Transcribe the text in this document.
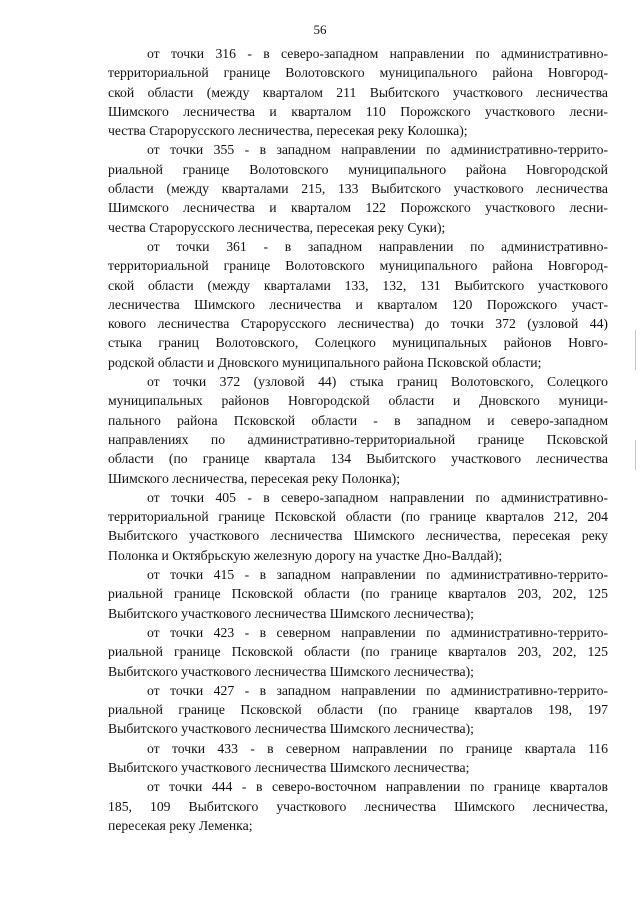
56
от точки 316 - в северо-западном направлении по административно-
территориальной границе Волотовского муниципального района Новгород-
ской области (между кварталом 211 Выбитского участкового лесничества
Шимского лесничества и кварталом 110 Порожского участкового лесни-
чества Старорусского лесничества, пересекая реку Колошка);
от точки 355 - в западном направлении по административно-террито-
риальной границе Волотовского муниципального района Новгородской
области (между кварталами 215, 133 Выбитского участкового лесничества
Шимского лесничества и кварталом 122 Порожского участкового лесни-
чества Старорусского лесничества, пересекая реку Суки);
от точки 361 - в западном направлении по административно-
территориальной границе Волотовского муниципального района Новгород-
ской области (между кварталами 133, 132, 131 Выбитского участкового
лесничества Шимского лесничества и кварталом 120 Порожского участ-
кового лесничества Старорусского лесничества) до точки 372 (узловой 44)
стыка границ Волотовского, Солецкого муниципальных районов Новго-
родской области и Дновского муниципального района Псковской области;
от точки 372 (узловой 44) стыка границ Волотовского, Солецкого
муниципальных районов Новгородской области и Дновского муници-
пального района Псковской области - в западном и северо-западном
направлениях по административно-территориальной границе Псковской
области (по границе квартала 134 Выбитского участкового лесничества
Шимского лесничества, пересекая реку Полонка);
от точки 405 - в северо-западном направлении по административно-
территориальной границе Псковской области (по границе кварталов 212, 204
Выбитского участкового лесничества Шимского лесничества, пересекая реку
Полонка и Октябрьскую железную дорогу на участке Дно-Валдай);
от точки 415 - в западном направлении по административно-террито-
риальной границе Псковской области (по границе кварталов 203, 202, 125
Выбитского участкового лесничества Шимского лесничества);
от точки 423 - в северном направлении по административно-террито-
риальной границе Псковской области (по границе кварталов 203, 202, 125
Выбитского участкового лесничества Шимского лесничества);
от точки 427 - в западном направлении по административно-террито-
риальной границе Псковской области (по границе кварталов 198, 197
Выбитского участкового лесничества Шимского лесничества);
от точки 433 - в северном направлении по границе квартала 116
Выбитского участкового лесничества Шимского лесничества;
от точки 444 - в северо-восточном направлении по границе кварталов
185, 109 Выбитского участкового лесничества Шимского лесничества,
пересекая реку Леменка;
